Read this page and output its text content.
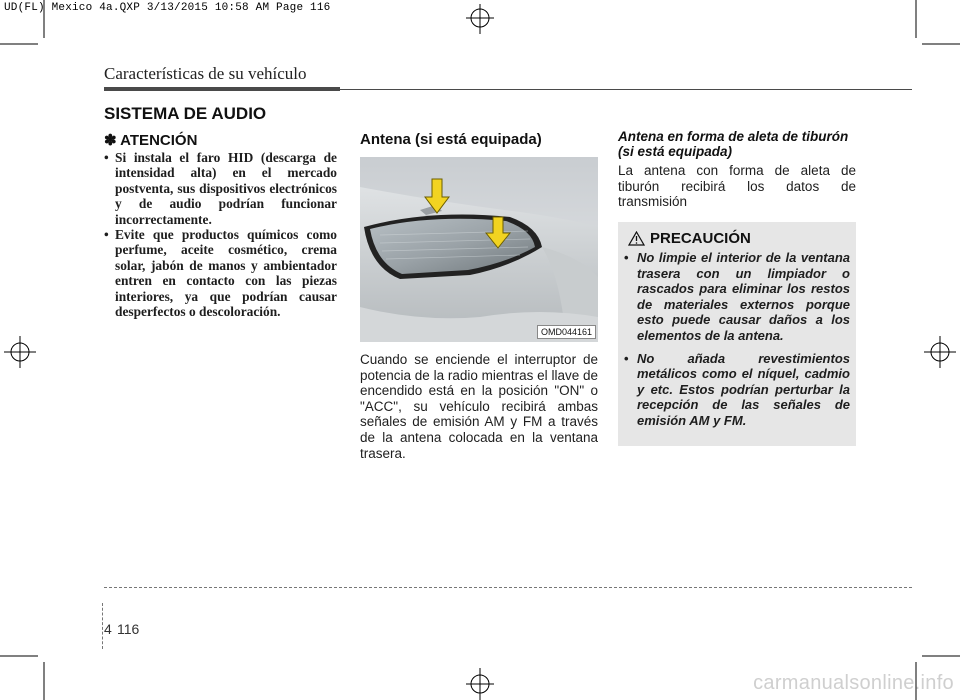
UD(FL) Mexico 4a.QXP 3/13/2015 10:58 AM Page 116
Características de su vehículo
SISTEMA DE AUDIO
✽ ATENCIÓN
• Si instala el faro HID (descarga de intensidad alta) en el mercado postventa, sus dispositivos electrónicos y de audio podrían funcionar incorrectamente.
• Evite que productos químicos como perfume, aceite cosmético, crema solar, jabón de manos y ambientador entren en contacto con las piezas interiores, ya que podrían causar desperfectos o descoloración.
Antena (si está equipada)
OMD044161
Cuando se enciende el interruptor de potencia de la radio mientras el llave de encendido está en la posición "ON" o "ACC", su vehículo recibirá ambas señales de emisión AM y FM a través de la antena colocada en la ventana trasera.
Antena en forma de aleta de tiburón (si está equipada)
La antena con forma de aleta de tiburón recibirá los datos de transmisión
PRECAUCIÓN
• No limpie el interior de la ventana trasera con un limpiador o rascados para eliminar los restos de materiales externos porque esto puede causar daños a los elementos de la antena.
• No añada revestimientos metálicos como el níquel, cadmio y etc. Estos podrían perturbar la recepción de las señales de emisión AM y FM.
4 116
carmanualsonline.info
